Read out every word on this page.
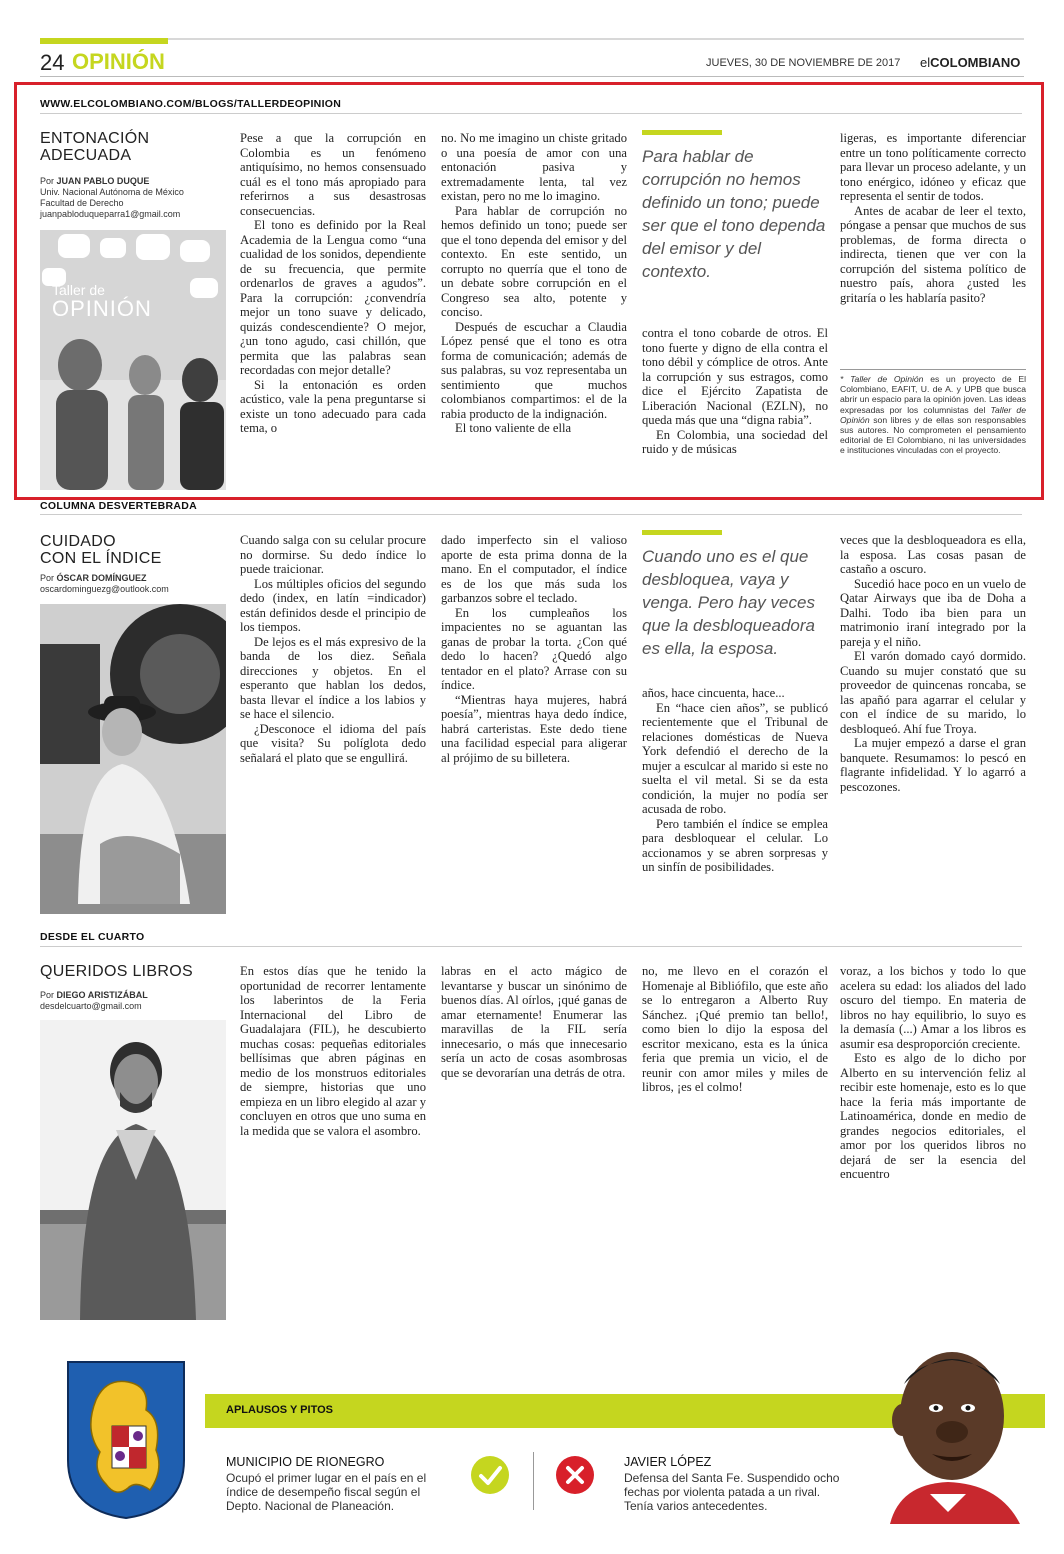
24 OPINIÓN	JUEVES, 30 DE NOVIEMBRE DE 2017 elCOLOMBIANO
WWW.ELCOLOMBIANO.COM/BLOGS/TALLERDEOPINION
ENTONACIÓN ADECUADA
Por JUAN PABLO DUQUE
Univ. Nacional Autónoma de México
Facultad de Derecho
juanpabloduqueparra1@gmail.com
Taller de
OPINIÓN

Pese a que la corrupción en Colombia es un fenómeno antiquísimo, no hemos consensuado cuál es el tono más apropiado para referirnos a sus desastrosas consecuencias.

El tono es definido por la Real Academia de la Lengua como “una cualidad de los sonidos, dependiente de su frecuencia, que permite ordenarlos de graves a agudos”. Para la corrupción: ¿convendría mejor un tono suave y delicado, quizás condescendiente? O mejor, ¿un tono agudo, casi chillón, que permita que las palabras sean recordadas con mejor detalle?

Si la entonación es orden acústico, vale la pena preguntarse si existe un tono adecuado para cada tema, o

no. No me imagino un chiste gritado o una poesía de amor con una entonación pasiva y extremadamente lenta, tal vez existan, pero no me lo imagino.

Para hablar de corrupción no hemos definido un tono; puede ser que el tono dependa del emisor y del contexto. En este sentido, un corrupto no querría que el tono de un debate sobre corrupción en el Congreso sea alto, potente y conciso.

Después de escuchar a Claudia López pensé que el tono es otra forma de comunicación; además de sus palabras, su voz representaba un sentimiento que muchos colombianos compartimos: el de la rabia producto de la indignación.

El tono valiente de ella

Para hablar de corrupción no hemos definido un tono; puede ser que el tono dependa del emisor y del contexto.

contra el tono cobarde de otros. El tono fuerte y digno de ella contra el tono débil y cómplice de otros. Ante la corrupción y sus estragos, como dice el Ejército Zapatista de Liberación Nacional (EZLN), no queda más que una “digna rabia”.

En Colombia, una sociedad del ruido y de músicas

ligeras, es importante diferenciar entre un tono políticamente correcto para llevar un proceso adelante, y un tono enérgico, idóneo y eficaz que representa el sentir de todos.

Antes de acabar de leer el texto, póngase a pensar que muchos de sus problemas, de forma directa o indirecta, tienen que ver con la corrupción del sistema político de nuestro país, ahora ¿usted les gritaría o les hablaría pasito?

* Taller de Opinión es un proyecto de El Colombiano, EAFIT, U. de A. y UPB que busca abrir un espacio para la opinión joven. Las ideas expresadas por los columnistas del Taller de Opinión son libres y de ellas son responsables sus autores. No comprometen el pensamiento editorial de El Colombiano, ni las universidades e instituciones vinculadas con el proyecto.
COLUMNA DESVERTEBRADA
CUIDADO
CON EL ÍNDICE
Por ÓSCAR DOMÍNGUEZ
oscardominguezg@outlook.com

Cuando salga con su celular procure no dormirse. Su dedo índice lo puede traicionar.

Los múltiples oficios del segundo dedo (index, en latín =indicador) están definidos desde el principio de los tiempos.

De lejos es el más expresivo de la banda de los diez. Señala direcciones y objetos. En el esperanto que hablan los dedos, basta llevar el índice a los labios y se hace el silencio.

¿Desconoce el idioma del país que visita? Su políglota dedo señalará el plato que se engullirá.

dado imperfecto sin el valioso aporte de esta prima donna de la mano. En el computador, el índice es de los que más suda los garbanzos sobre el teclado.

En los cumpleaños los impacientes no se aguantan las ganas de probar la torta. ¿Con qué dedo lo hacen? ¿Quedó algo tentador en el plato? Arrase con su índice.

“Mientras haya mujeres, habrá poesía”, mientras haya dedo índice, habrá carteristas. Este dedo tiene una facilidad especial para aligerar al prójimo de su billetera.

Cuando uno es el que desbloquea, vaya y venga. Pero hay veces que la desbloqueadora es ella, la esposa.

años, hace cincuenta, hace...

En “hace cien años”, se publicó recientemente que el Tribunal de relaciones domésticas de Nueva York defendió el derecho de la mujer a esculcar al marido si este no suelta el vil metal. Si se da esta condición, la mujer no podía ser acusada de robo.

Pero también el índice se emplea para desbloquear el celular. Lo accionamos y se abren sorpresas y un sinfín de posibilidades.

veces que la desbloqueadora es ella, la esposa. Las cosas pasan de castaño a oscuro.

Sucedió hace poco en un vuelo de Qatar Airways que iba de Doha a Dalhi. Todo iba bien para un matrimonio iraní integrado por la pareja y el niño.

El varón domado cayó dormido. Cuando su mujer constató que su proveedor de quincenas roncaba, se las apañó para agarrar el celular y con el índice de su marido, lo desbloqueó. Ahí fue Troya.

La mujer empezó a darse el gran banquete. Resumamos: lo pescó en flagrante infidelidad. Y lo agarró a pescozones.

DESDE EL CUARTO
QUERIDOS LIBROS
Por DIEGO ARISTIZÁBAL
desdelcuarto@gmail.com

En estos días que he tenido la oportunidad de recorrer lentamente los laberintos de la Feria Internacional del Libro de Guadalajara (FIL), he descubierto muchas cosas: pequeñas editoriales bellísimas que abren páginas en medio de los monstruos editoriales de siempre, historias que uno empieza en un libro elegido al azar y concluyen en otros que uno suma en la medida que se valora el asombro.

labras en el acto mágico de levantarse y buscar un sinónimo de buenos días. Al oírlos, ¡qué ganas de amar eternamente! Enumerar las maravillas de la FIL sería innecesario, o más que innecesario sería un acto de cosas asombrosas que se devorarían una detrás de otra.

no, me llevo en el corazón el Homenaje al Bibliófilo, que este año se lo entregaron a Alberto Ruy Sánchez. ¡Qué premio tan bello!, como bien lo dijo la esposa del escritor mexicano, esta es la única feria que premia un vicio, el de reunir con amor miles y miles de libros, ¡es el colmo!

voraz, a los bichos y todo lo que acelera su edad: los aliados del lado oscuro del tiempo. En materia de libros no hay equilibrio, lo suyo es la demasía (...) Amar a los libros es asumir esa desproporción creciente.

Esto es algo de lo dicho por Alberto en su intervención feliz al recibir este homenaje, esto es lo que hace la feria más importante de Latinoamérica, donde en medio de grandes negocios editoriales, el amor por los queridos libros no dejará de ser la esencia del encuentro

APLAUSOS Y PITOS
MUNICIPIO DE RIONEGRO
Ocupó el primer lugar en el país en el índice de desempeño fiscal según el Depto. Nacional de Planeación.
JAVIER LÓPEZ
Defensa del Santa Fe. Suspendido ocho fechas por violenta patada a un rival. Tenía varios antecedentes.
